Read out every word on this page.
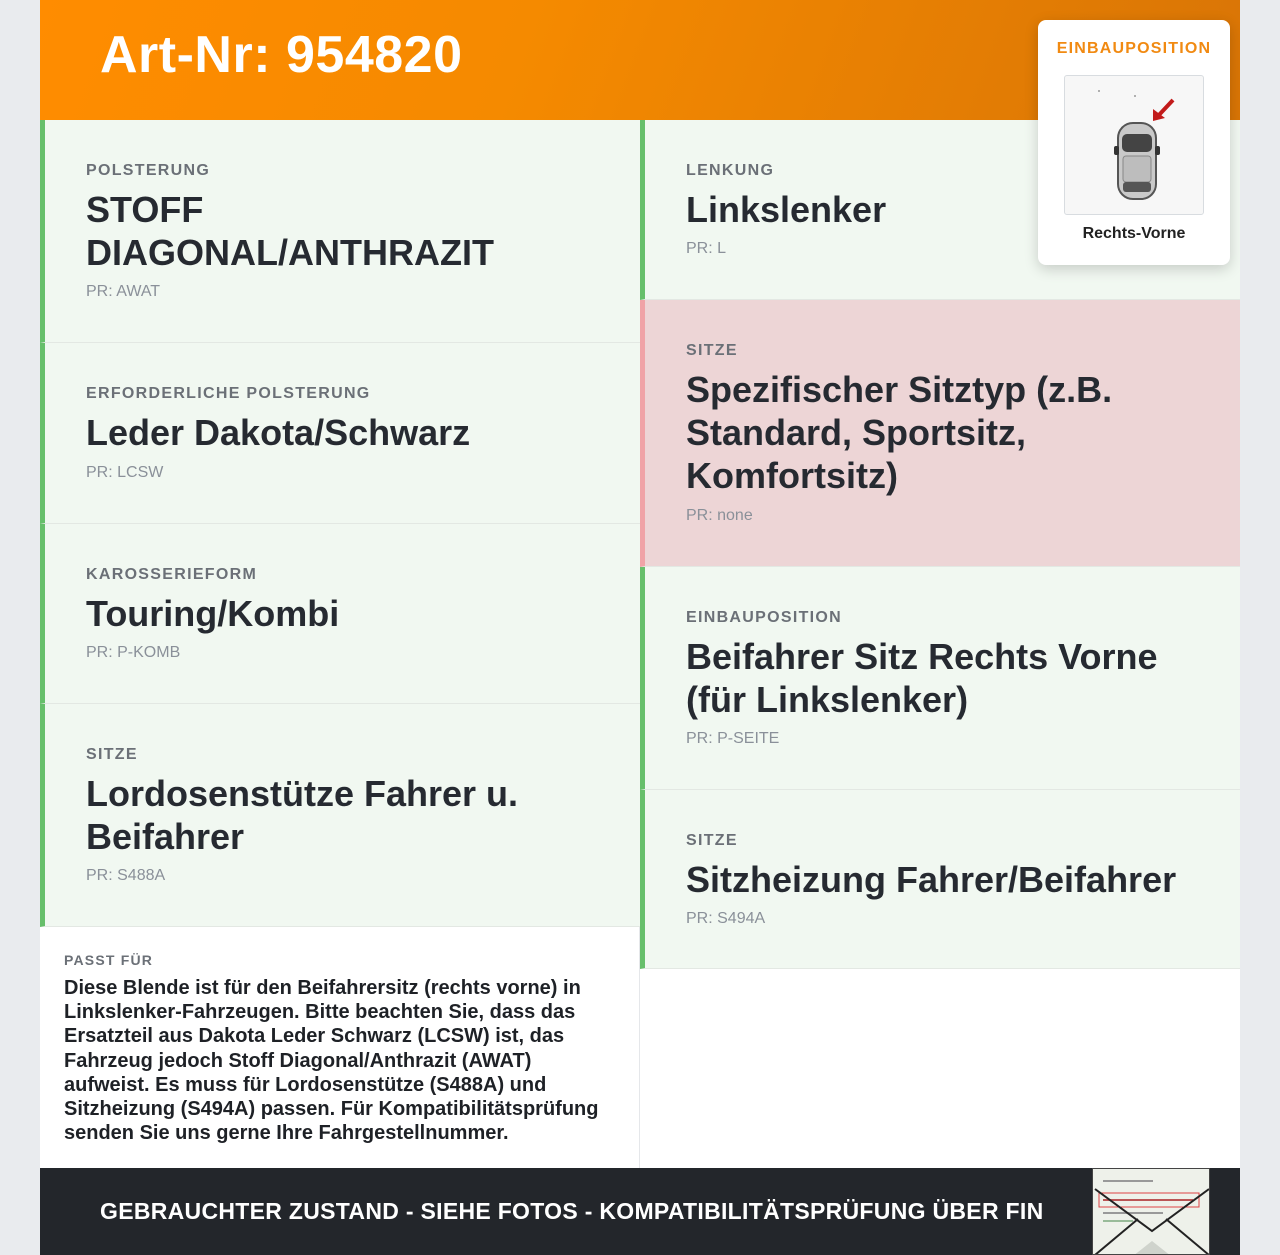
Art-Nr: 954820
POLSTERUNG
STOFF DIAGONAL/ANTHRAZIT
PR: AWAT
ERFORDERLICHE POLSTERUNG
Leder Dakota/Schwarz
PR: LCSW
KAROSSERIEFORM
Touring/Kombi
PR: P-KOMB
SITZE
Lordosenstütze Fahrer u. Beifahrer
PR: S488A
LENKUNG
Linkslenker
PR: L
SITZE
Spezifischer Sitztyp (z.B. Standard, Sportsitz, Komfortsitz)
PR: none
EINBAUPOSITION
Beifahrer Sitz Rechts Vorne (für Linkslenker)
PR: P-SEITE
SITZE
Sitzheizung Fahrer/Beifahrer
PR: S494A
PASST FÜR
Diese Blende ist für den Beifahrersitz (rechts vorne) in Linkslenker-Fahrzeugen. Bitte beachten Sie, dass das Ersatzteil aus Dakota Leder Schwarz (LCSW) ist, das Fahrzeug jedoch Stoff Diagonal/Anthrazit (AWAT) aufweist. Es muss für Lordosenstütze (S488A) und Sitzheizung (S494A) passen. Für Kompatibilitätsprüfung senden Sie uns gerne Ihre Fahrgestellnummer.
GEBRAUCHTER ZUSTAND - SIEHE FOTOS - KOMPATIBILITÄTSPRÜFUNG ÜBER FIN
EINBAUPOSITION
Rechts-Vorne
